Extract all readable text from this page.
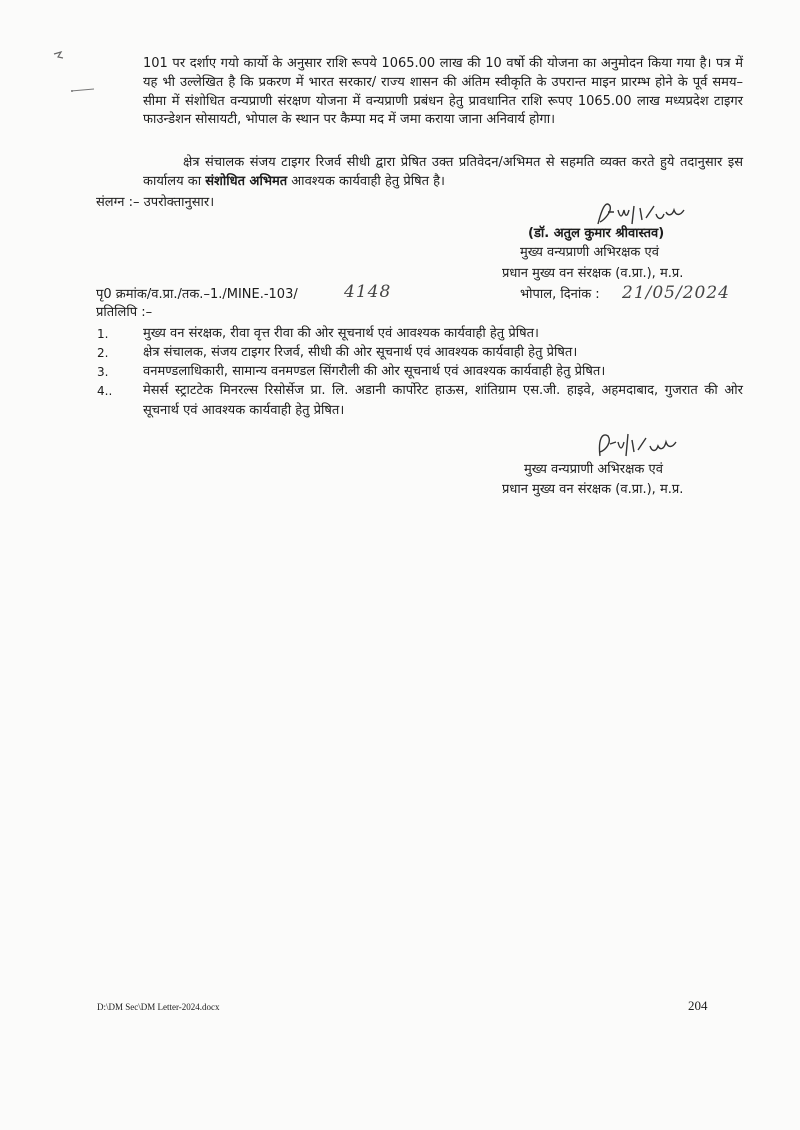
101 पर दर्शाए गयो कार्यो के अनुसार राशि रूपये 1065.00 लाख की 10 वर्षो की योजना का अनुमोदन किया गया है। पत्र में यह भी उल्लेखित है कि प्रकरण में भारत सरकार/ राज्य शासन की अंतिम स्वीकृति के उपरान्त माइन प्रारम्भ होने के पूर्व समय–सीमा में संशोधित वन्यप्राणी संरक्षण योजना में वन्यप्राणी प्रबंधन हेतु प्रावधानित राशि रूपए 1065.00 लाख मध्यप्रदेश टाइगर फाउन्डेशन सोसायटी, भोपाल के स्थान पर कैम्पा मद में जमा कराया जाना अनिवार्य होगा।
क्षेत्र संचालक संजय टाइगर रिजर्व सीधी द्वारा प्रेषित उक्त प्रतिवेदन/अभिमत से सहमति व्यक्त करते हुये तदानुसार इस कार्यालय का संशोधित अभिमत आवश्यक कार्यवाही हेतु प्रेषित है।
संलग्न :– उपरोक्तानुसार।
(डॉ. अतुल कुमार श्रीवास्तव)
मुख्य वन्यप्राणी अभिरक्षक एवं
प्रधान मुख्य वन संरक्षक (व.प्रा.), म.प्र.
पृ0 क्रमांक/व.प्रा./तक.–1./MINE.-103/	4148	भोपाल, दिनांक : 21/05/2024
प्रतिलिपि :–
1.	मुख्य वन संरक्षक, रीवा वृत्त रीवा की ओर सूचनार्थ एवं आवश्यक कार्यवाही हेतु प्रेषित।
2.	क्षेत्र संचालक, संजय टाइगर रिजर्व, सीधी की ओर सूचनार्थ एवं आवश्यक कार्यवाही हेतु प्रेषित।
3.	वनमण्डलाधिकारी, सामान्य वनमण्डल सिंगरौली की ओर सूचनार्थ एवं आवश्यक कार्यवाही हेतु प्रेषित।
4.. मेसर्स स्ट्राटटेक मिनरल्स रिसोर्सेज प्रा. लि. अडानी कार्पोरेट हाऊस, शांतिग्राम एस.जी. हाइवे, अहमदाबाद, गुजरात की ओर सूचनार्थ एवं आवश्यक कार्यवाही हेतु प्रेषित।
मुख्य वन्यप्राणी अभिरक्षक एवं
प्रधान मुख्य वन संरक्षक (व.प्रा.), म.प्र.
D:\DM Sec\DM Letter-2024.docx	204
